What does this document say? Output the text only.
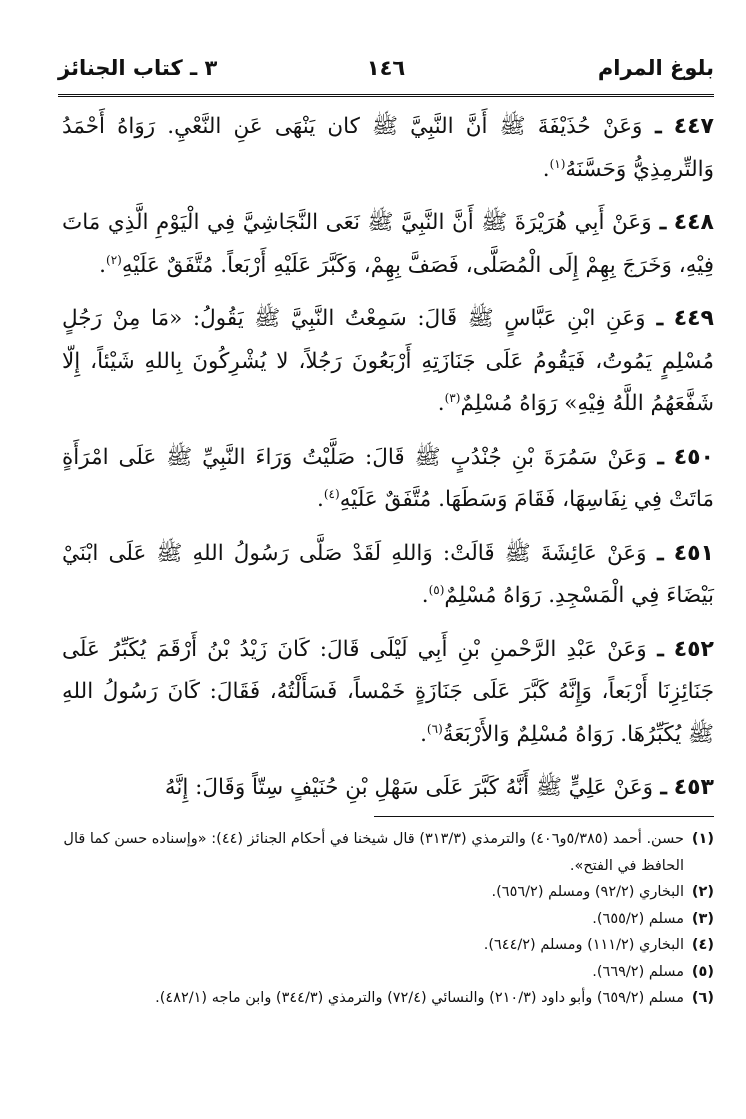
بلوغ المرام
١٤٦
٣ ـ كتاب الجنائز

٤٤٧ ـ وَعَنْ حُذَيْفَةَ ﷺ أَنَّ النَّبِيَّ ﷺ كان يَنْهَى عَنِ النَّعْيِ. رَوَاهُ أَحْمَدُ وَالتِّرمِذِيُّ وَحَسَّنَهُ$^{(١)}$.

٤٤٨ ـ وَعَنْ أَبِي هُرَيْرَةَ ﷺ أَنَّ النَّبِيَّ ﷺ نَعَى النَّجَاشِيَّ فِي الْيَوْمِ الَّذِي مَاتَ فِيْهِ، وَخَرَجَ بِهِمْ إِلَى الْمُصَلَّى، فَصَفَّ بِهِمْ، وَكَبَّرَ عَلَيْهِ أَرْبَعاً. مُتَّفَقٌ عَلَيْهِ$^{(٢)}$.

٤٤٩ ـ وَعَنِ ابْنِ عَبَّاسٍ ﷺ قَالَ: سَمِعْتُ النَّبِيَّ ﷺ يَقُولُ: «مَا مِنْ رَجُلٍ مُسْلِمٍ يَمُوتُ، فَيَقُومُ عَلَى جَنَازَتِهِ أَرْبَعُونَ رَجُلاً، لا يُشْرِكُونَ بِاللهِ شَيْئاً، إِلّا شَفَّعَهُمُ اللَّهُ فِيْهِ» رَوَاهُ مُسْلِمٌ$^{(٣)}$.

٤٥٠ ـ وَعَنْ سَمُرَةَ بْنِ جُنْدُبٍ ﷺ قَالَ: صَلَّيْتُ وَرَاءَ النَّبِيِّ ﷺ عَلَى امْرَأَةٍ مَاتَتْ فِي نِفَاسِهَا، فَقَامَ وَسَطَهَا. مُتَّفَقٌ عَلَيْهِ$^{(٤)}$.

٤٥١ ـ وَعَنْ عَائِشَةَ ﷺ قَالَتْ: وَاللهِ لَقَدْ صَلَّى رَسُولُ اللهِ ﷺ عَلَى ابْنَيْ بَيْضَاءَ فِي الْمَسْجِدِ. رَوَاهُ مُسْلِمٌ$^{(٥)}$.

٤٥٢ ـ وَعَنْ عَبْدِ الرَّحْمنِ بْنِ أَبِي لَيْلَى قَالَ: كَانَ زَيْدُ بْنُ أَرْقَمَ يُكَبِّرُ عَلَى جَنَائِزِنَا أَرْبَعاً، وَإِنَّهُ كَبَّرَ عَلَى جَنَازَةٍ خَمْساً، فَسَأَلْتُهُ، فَقَالَ: كَانَ رَسُولُ اللهِ ﷺ يُكَبِّرُهَا. رَوَاهُ مُسْلِمٌ وَالأَرْبَعَةُ$^{(٦)}$.

٤٥٣ ـ وَعَنْ عَلِيٍّ ﷺ أَنَّهُ كَبَّرَ عَلَى سَهْلِ بْنِ حُنَيْفٍ سِتّاً وَقَالَ: إِنَّهُ

(١)
حسن. أحمد (٥/٣٨٥و٤٠٦) والترمذي (٣١٣/٣) قال شيخنا في أحكام الجنائز (٤٤): «وإسناده حسن كما قال الحافظ في الفتح».
(٢)
البخاري (٩٢/٢) ومسلم (٦٥٦/٢).
(٣)
مسلم (٦٥٥/٢).
(٤)
البخاري (١١١/٢) ومسلم (٦٤٤/٢).
(٥)
مسلم (٦٦٩/٢).
(٦)
مسلم (٦٥٩/٢) وأبو داود (٢١٠/٣) والنسائي (٧٢/٤) والترمذي (٣٤٤/٣) وابن ماجه (٤٨٢/١).
